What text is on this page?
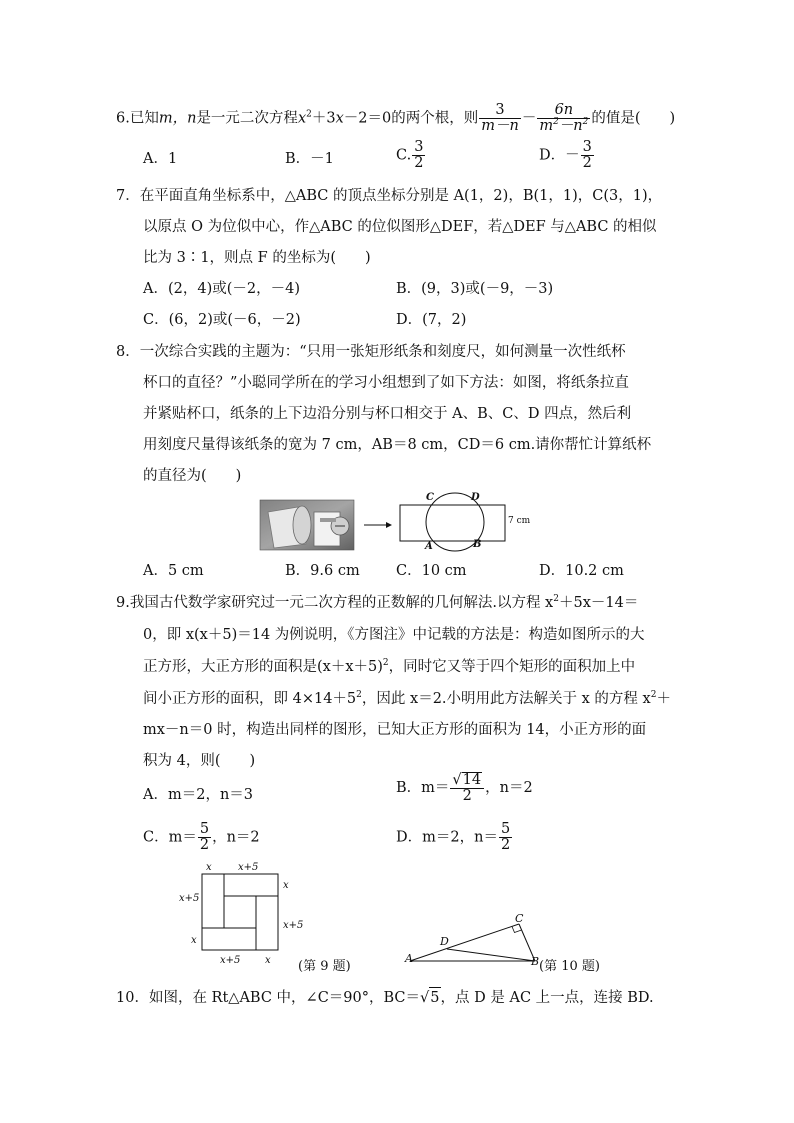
6.已知m，n是一元二次方程$x^2+3x-2=0$的两个根，则 $\frac{3}{m-n} - \frac{6n}{m^2-n^2}$ 的值是(　　)
A．1	B．－1	C. $\frac{3}{2}$	D．－ $\frac{3}{2}$
7．在平面直角坐标系中，△ABC 的顶点坐标分别是 A(1，2)，B(1，1)，C(3，1)，
以原点 O 为位似中心，作△ABC 的位似图形△DEF，若△DEF 与△ABC 的相似
比为 3∶1，则点 F 的坐标为(　　)
A．(2，4)或(－2，－4)	B．(9，3)或(－9，－3)
C．(6，2)或(－6，－2)	D．(7，2)
8．一次综合实践的主题为：“只用一张矩形纸条和刻度尺，如何测量一次性纸杯
杯口的直径？”小聪同学所在的学习小组想到了如下方法：如图，将纸条拉直
并紧贴杯口，纸条的上下边沿分别与杯口相交于 A、B、C、D 四点，然后利
用刻度尺量得该纸条的宽为 7 cm，AB＝8 cm，CD＝6 cm.请你帮忙计算纸杯
的直径为(　　)
C	D
A	B
7 cm
A．5 cm	B．9.6 cm	C．10 cm	D．10.2 cm
9.我国古代数学家研究过一元二次方程的正数解的几何解法.以方程 $x^2+5x-14=$
0，即 x(x＋5)＝14 为例说明，《方图注》中记载的方法是：构造如图所示的大
正方形，大正方形的面积是$(x+x+5)^2$，同时它又等于四个矩形的面积加上中
间小正方形的面积，即 $4\times 14+5^2$，因此 x＝2.小明用此方法解关于 x 的方程 $x^2+$
mx－n＝0 时，构造出同样的图形，已知大正方形的面积为 14，小正方形的面
积为 4，则(　　)
A．m＝2，n＝3	B．$m= \frac{√14}{2}$ ，n＝2
C．$m= \frac{5}{2}$ ，n＝2	D．m＝2，$n= \frac{5}{2}$
x	x+5
x
x+5
x+5
x
x+5 x (第 9 题)
C
D
A	B (第 10 题)
10．如图，在 Rt△ABC 中，∠C＝90°，BC＝√5，点 D 是 AC 上一点，连接 BD.
